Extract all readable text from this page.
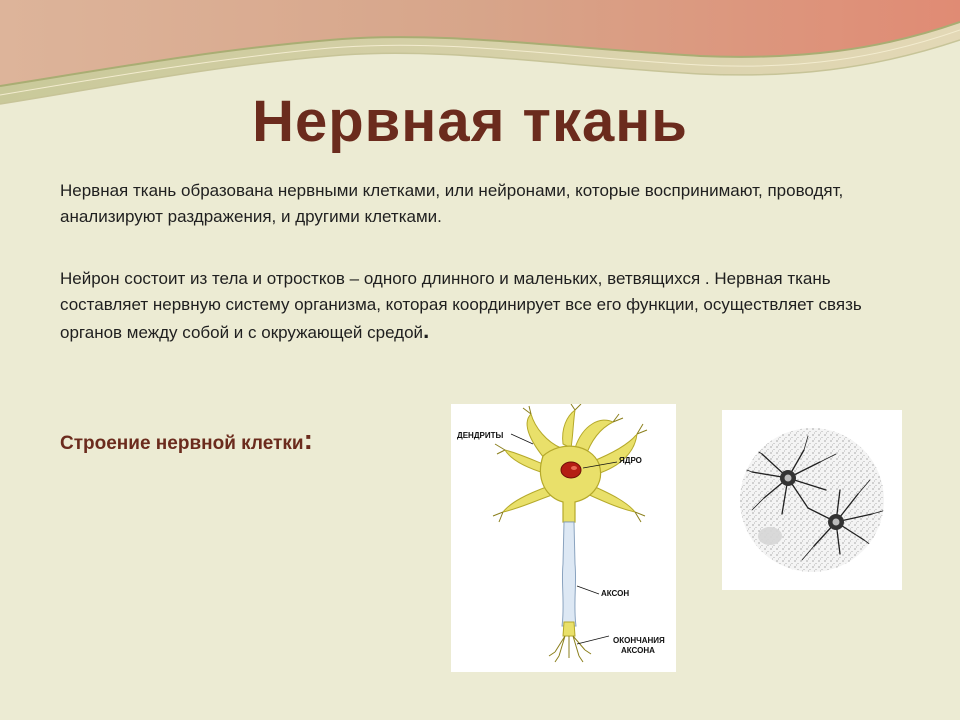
Нервная ткань

Нервная ткань образована нервными клетками, или нейронами, которые воспринимают, проводят, анализируют раздражения, и другими клетками.

Нейрон состоит из тела и отростков – одного длинного и маленьких, ветвящихся . Нервная ткань составляет нервную систему организма, которая координирует все его функции, осуществляет связь органов между собой и с окружающей средой.

Строение нервной клетки:	ДЕНДРИТЫ
ЯДРО
АКСОН
ОКОНЧАНИЯ
АКСОНА
